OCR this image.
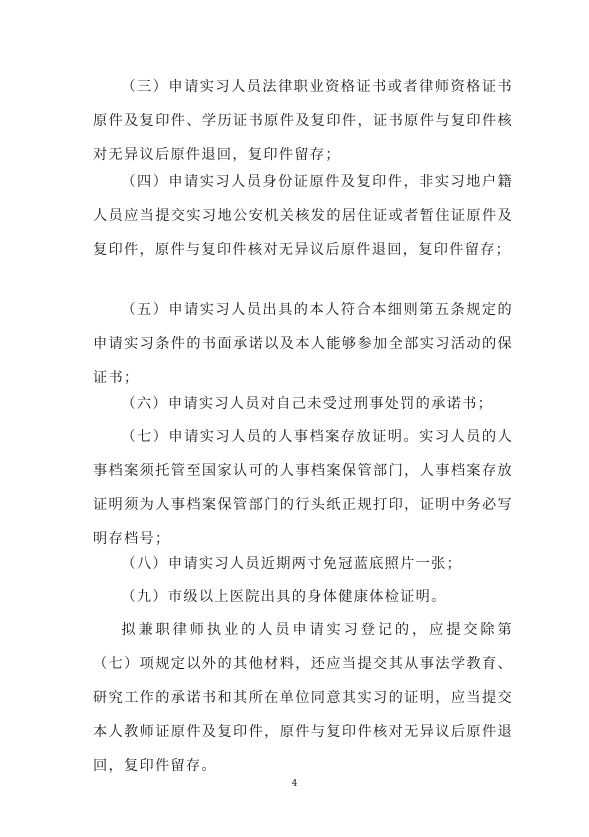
（三）申请实习人员法律职业资格证书或者律师资格证书原件及复印件、学历证书原件及复印件，证书原件与复印件核对无异议后原件退回，复印件留存；

（四）申请实习人员身份证原件及复印件，非实习地户籍人员应当提交实习地公安机关核发的居住证或者暂住证原件及复印件，原件与复印件核对无异议后原件退回，复印件留存；

（五）申请实习人员出具的本人符合本细则第五条规定的申请实习条件的书面承诺以及本人能够参加全部实习活动的保证书；

（六）申请实习人员对自己未受过刑事处罚的承诺书；

（七）申请实习人员的人事档案存放证明。实习人员的人事档案须托管至国家认可的人事档案保管部门，人事档案存放证明须为人事档案保管部门的行头纸正规打印，证明中务必写明存档号；

（八）申请实习人员近期两寸免冠蓝底照片一张；

（九）市级以上医院出具的身体健康体检证明。

拟兼职律师执业的人员申请实习登记的，应提交除第（七）项规定以外的其他材料，还应当提交其从事法学教育、研究工作的承诺书和其所在单位同意其实习的证明，应当提交本人教师证原件及复印件，原件与复印件核对无异议后原件退回，复印件留存。

4
